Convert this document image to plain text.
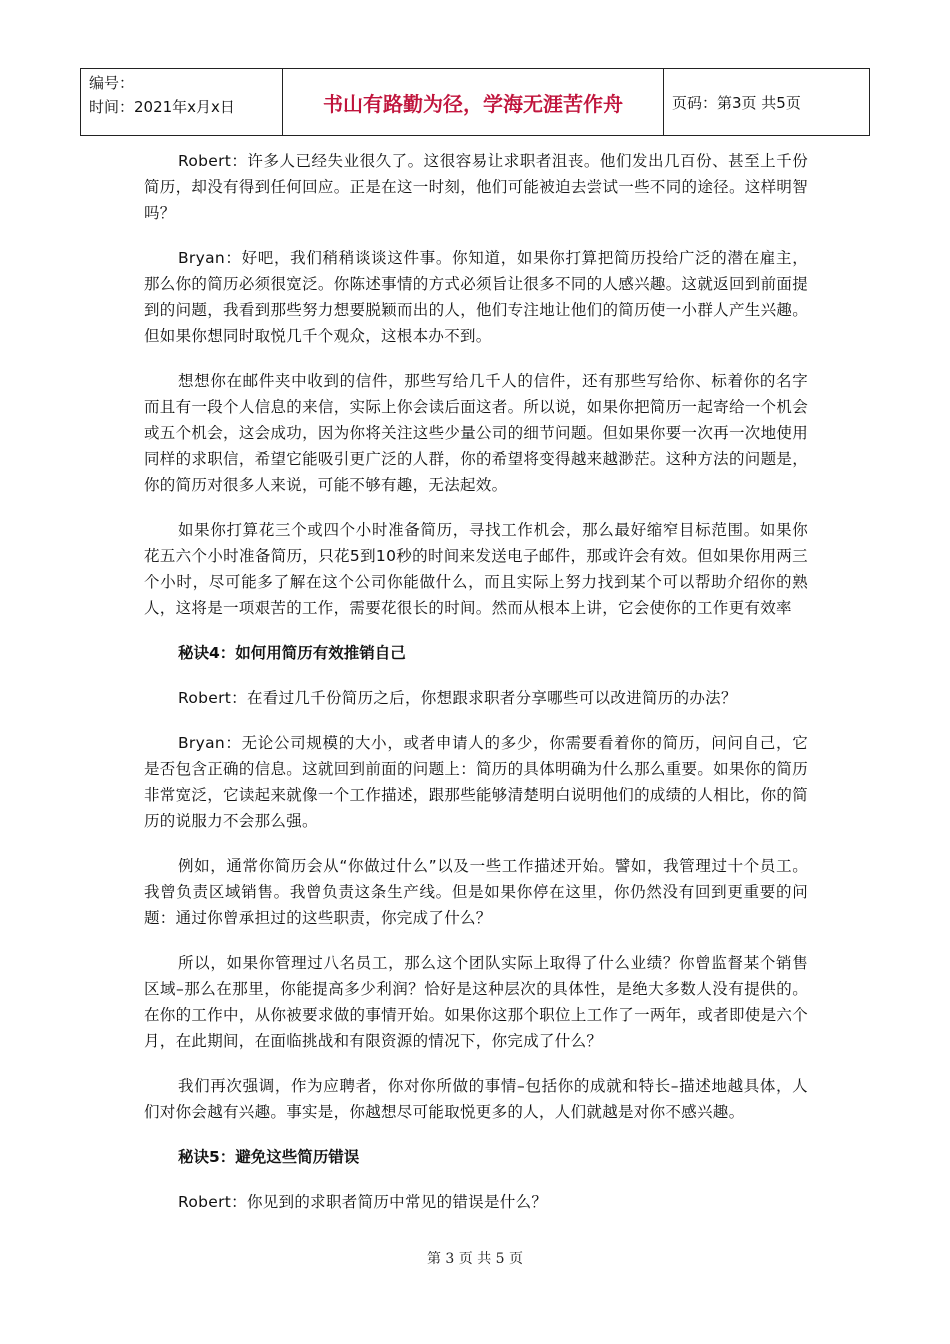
编号：
时间：2021年x月x日	书山有路勤为径，学海无涯苦作舟	页码：第3页 共5页

Robert：许多人已经失业很久了。这很容易让求职者沮丧。他们发出几百份、甚至上千份简历，却没有得到任何回应。正是在这一时刻，他们可能被迫去尝试一些不同的途径。这样明智吗？

Bryan：好吧，我们稍稍谈谈这件事。你知道，如果你打算把简历投给广泛的潜在雇主，那么你的简历必须很宽泛。你陈述事情的方式必须旨让很多不同的人感兴趣。这就返回到前面提到的问题，我看到那些努力想要脱颖而出的人，他们专注地让他们的简历使一小群人产生兴趣。但如果你想同时取悦几千个观众，这根本办不到。

想想你在邮件夹中收到的信件，那些写给几千人的信件，还有那些写给你、标着你的名字而且有一段个人信息的来信，实际上你会读后面这者。所以说，如果你把简历一起寄给一个机会或五个机会，这会成功，因为你将关注这些少量公司的细节问题。但如果你要一次再一次地使用同样的求职信，希望它能吸引更广泛的人群，你的希望将变得越来越渺茫。这种方法的问题是，你的简历对很多人来说，可能不够有趣，无法起效。

如果你打算花三个或四个小时准备简历，寻找工作机会，那么最好缩窄目标范围。如果你花五六个小时准备简历，只花5到10秒的时间来发送电子邮件，那或许会有效。但如果你用两三个小时，尽可能多了解在这个公司你能做什么，而且实际上努力找到某个可以帮助介绍你的熟人，这将是一项艰苦的工作，需要花很长的时间。然而从根本上讲，它会使你的工作更有效率

秘诀4：如何用简历有效推销自己

Robert：在看过几千份简历之后，你想跟求职者分享哪些可以改进简历的办法？

Bryan：无论公司规模的大小，或者申请人的多少，你需要看着你的简历，问问自己，它是否包含正确的信息。这就回到前面的问题上：简历的具体明确为什么那么重要。如果你的简历非常宽泛，它读起来就像一个工作描述，跟那些能够清楚明白说明他们的成绩的人相比，你的简历的说服力不会那么强。

例如，通常你简历会从“你做过什么”以及一些工作描述开始。譬如，我管理过十个员工。我曾负责区域销售。我曾负责这条生产线。但是如果你停在这里，你仍然没有回到更重要的问题：通过你曾承担过的这些职责，你完成了什么？

所以，如果你管理过八名员工，那么这个团队实际上取得了什么业绩？你曾监督某个销售区域–那么在那里，你能提高多少利润？恰好是这种层次的具体性，是绝大多数人没有提供的。在你的工作中，从你被要求做的事情开始。如果你这那个职位上工作了一两年，或者即使是六个月，在此期间，在面临挑战和有限资源的情况下，你完成了什么？

我们再次强调，作为应聘者，你对你所做的事情–包括你的成就和特长–描述地越具体，人们对你会越有兴趣。事实是，你越想尽可能取悦更多的人，人们就越是对你不感兴趣。

秘诀5：避免这些简历错误

Robert：你见到的求职者简历中常见的错误是什么？

第 3 页 共 5 页
